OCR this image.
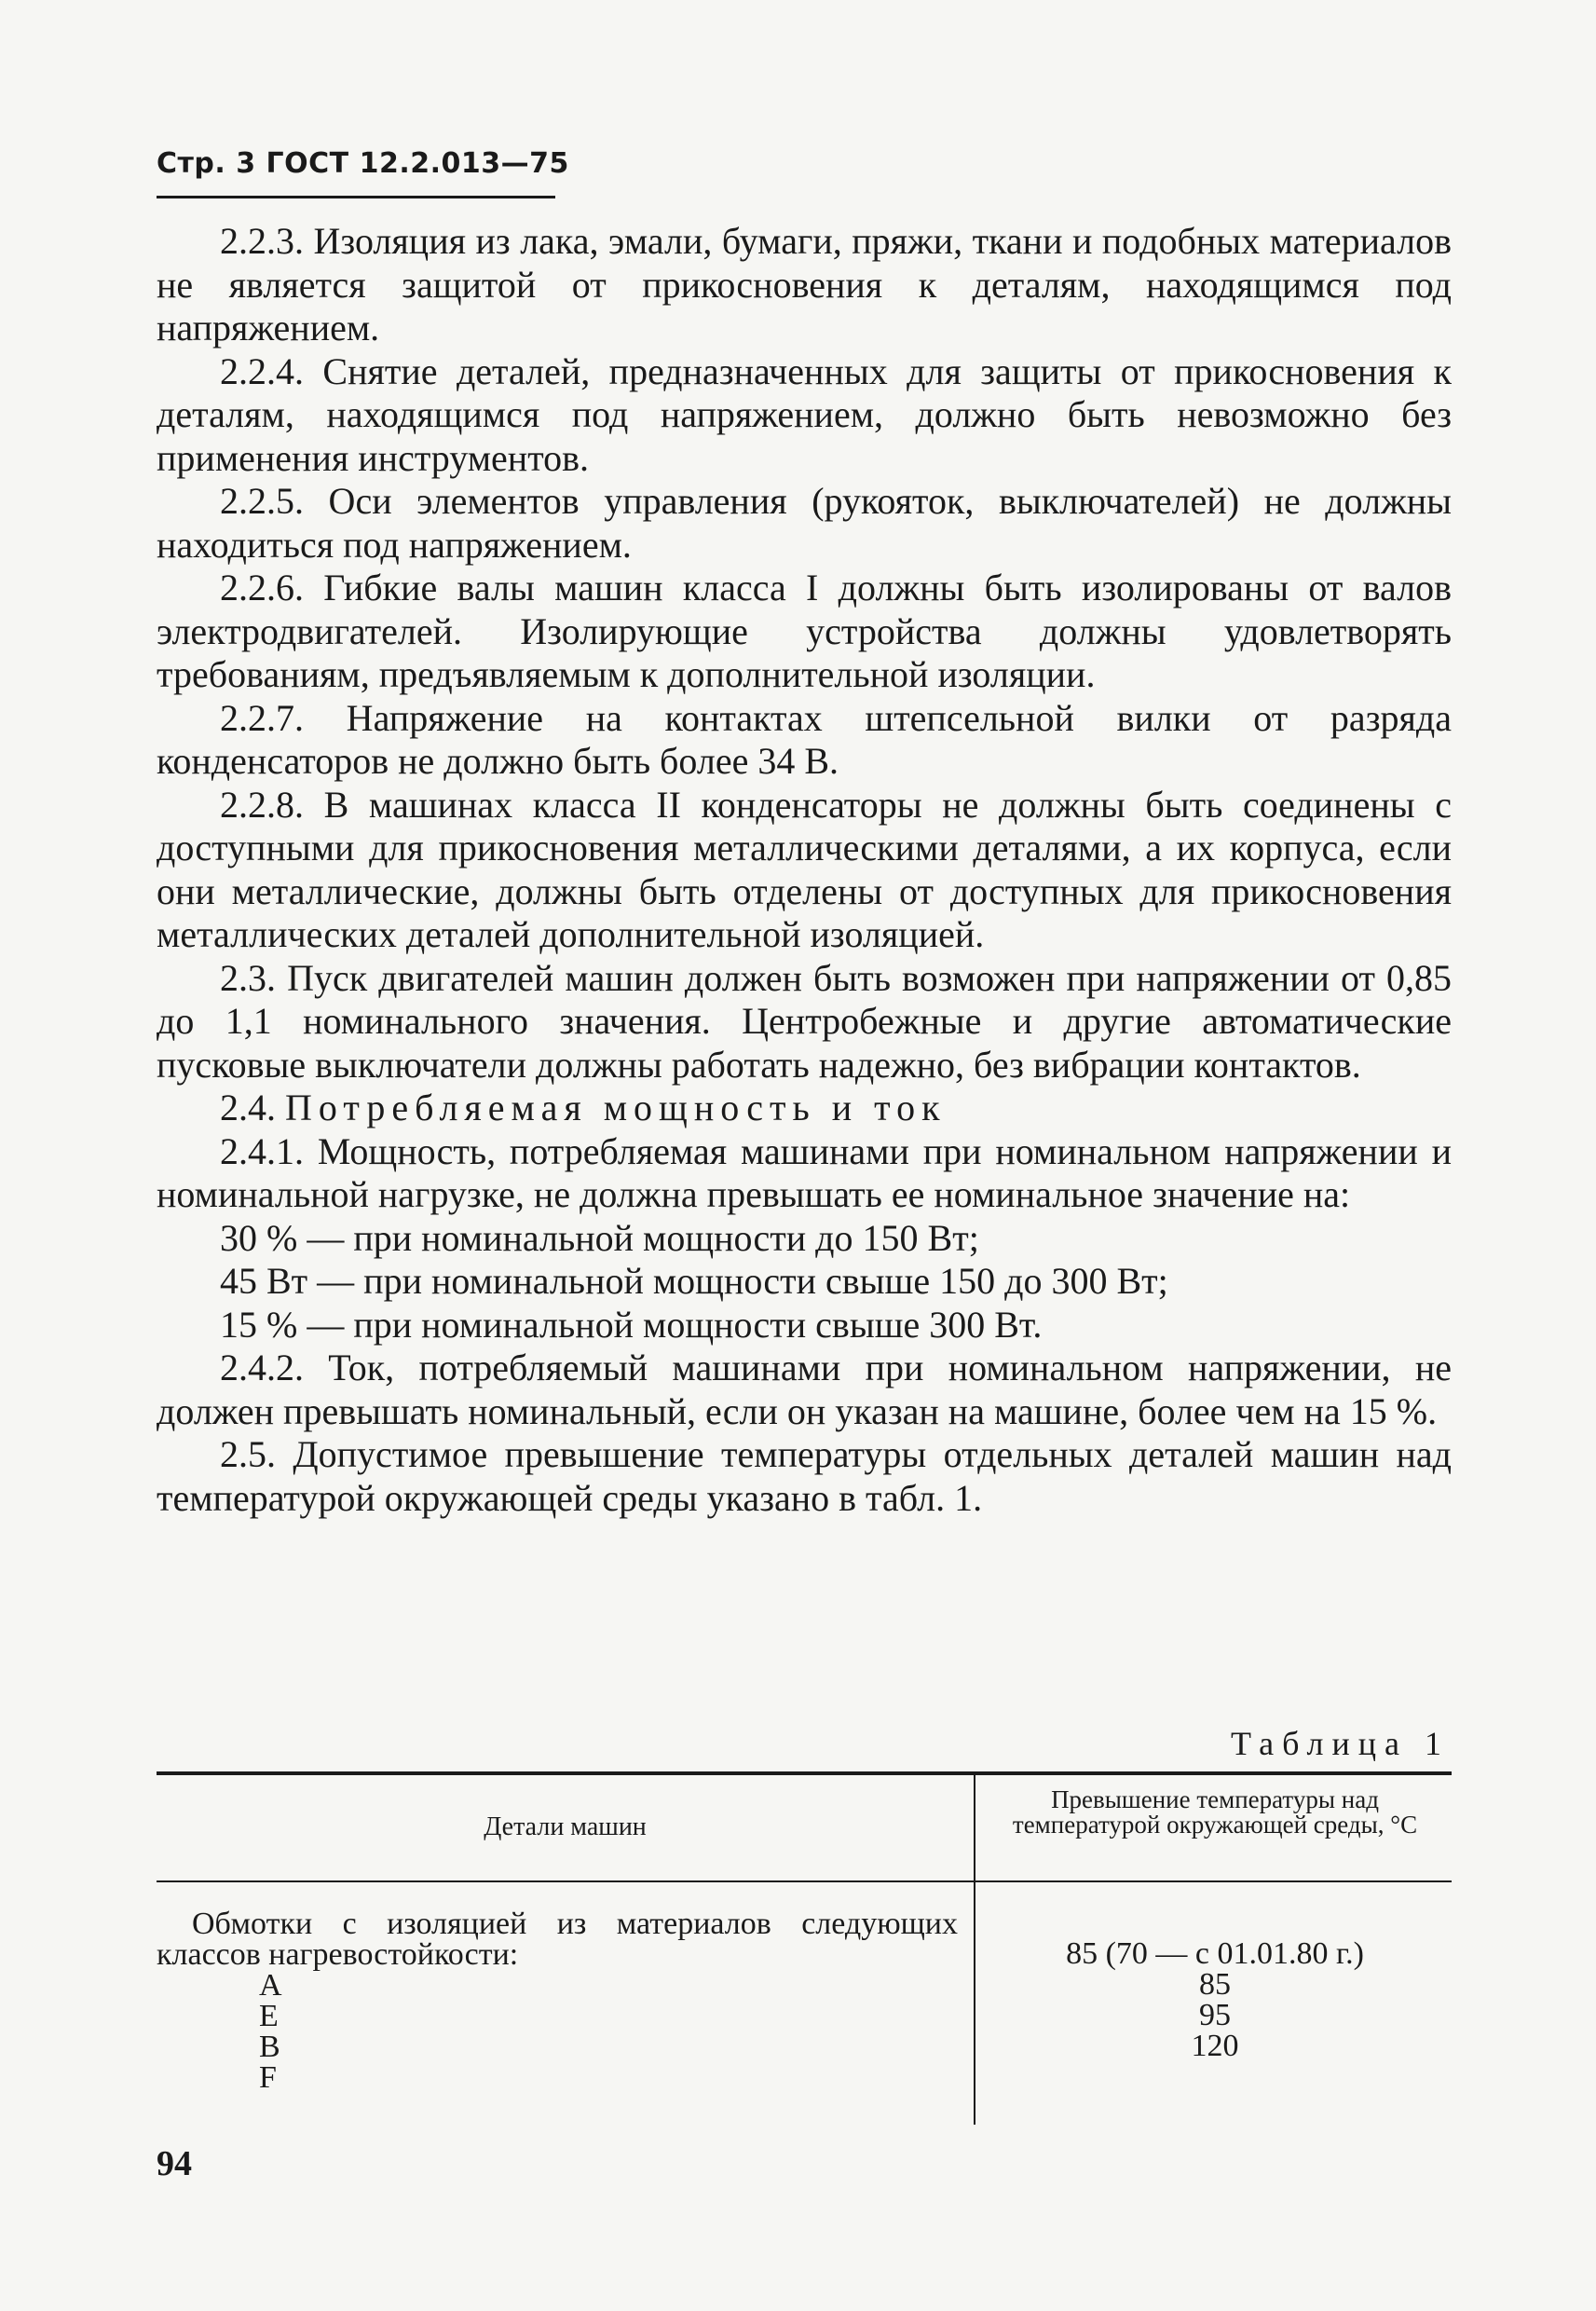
Стр. 3 ГОСТ 12.2.013—75

2.2.3. Изоляция из лака, эмали, бумаги, пряжи, ткани и подобных материалов не является защитой от прикосновения к деталям, находящимся под напряжением.

2.2.4. Снятие деталей, предназначенных для защиты от прикосновения к деталям, находящимся под напряжением, должно быть невозможно без применения инструментов.

2.2.5. Оси элементов управления (рукояток, выключателей) не должны находиться под напряжением.

2.2.6. Гибкие валы машин класса I должны быть изолированы от валов электродвигателей. Изолирующие устройства должны удовлетворять требованиям, предъявляемым к дополнительной изоляции.

2.2.7. Напряжение на контактах штепсельной вилки от разряда конденсаторов не должно быть более 34 В.

2.2.8. В машинах класса II конденсаторы не должны быть соединены с доступными для прикосновения металлическими деталями, а их корпуса, если они металлические, должны быть отделены от доступных для прикосновения металлических деталей дополнительной изоляцией.

2.3. Пуск двигателей машин должен быть возможен при напряжении от 0,85 до 1,1 номинального значения. Центробежные и другие автоматические пусковые выключатели должны работать надежно, без вибрации контактов.

2.4. Потребляемая мощность и ток

2.4.1. Мощность, потребляемая машинами при номинальном напряжении и номинальной нагрузке, не должна превышать ее номинальное значение на:

30 % — при номинальной мощности до 150 Вт;

45 Вт — при номинальной мощности свыше 150 до 300 Вт;

15 % — при номинальной мощности свыше 300 Вт.

2.4.2. Ток, потребляемый машинами при номинальном напряжении, не должен превышать номинальный, если он указан на машине, более чем на 15 %.

2.5. Допустимое превышение температуры отдельных деталей машин над температурой окружающей среды указано в табл. 1.

Таблица 1
Детали машин
Превышение температуры над температурой окружающей среды, °С

Обмотки с изоляцией из материалов следующих классов нагревостойкости:

А

Е

В

F

85 (70 — с 01.01.80 г.)
85
95
120
94
